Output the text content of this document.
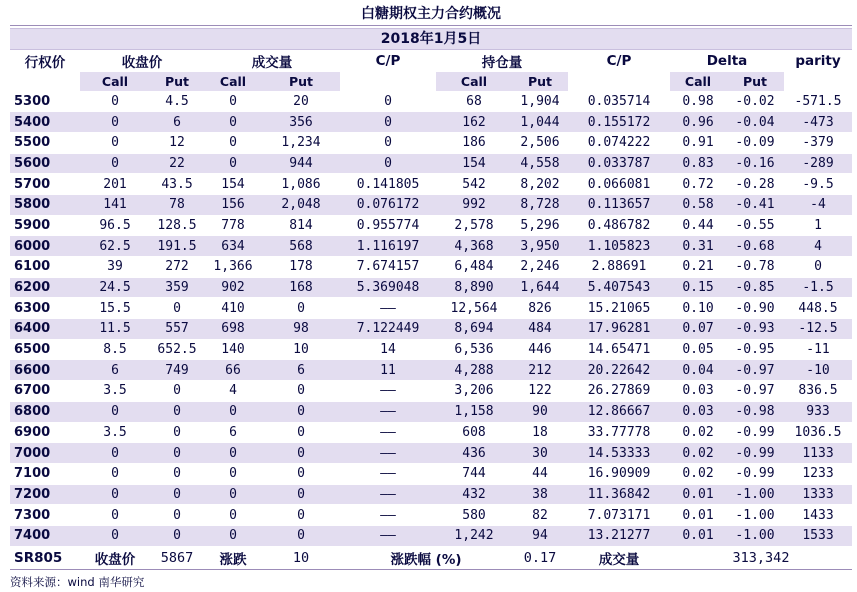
白糖期权主力合约概况
2018年1月5日
行权价	收盘价		成交量		C/P	持仓量		C/P	Delta		parity
	Call	Put	Call	Put		Call	Put		Call	Put	
5300	0	4.5	0	20	0	68	1,904	0.035714	0.98	-0.02	-571.5
5400	0	6	0	356	0	162	1,044	0.155172	0.96	-0.04	-473
5500	0	12	0	1,234	0	186	2,506	0.074222	0.91	-0.09	-379
5600	0	22	0	944	0	154	4,558	0.033787	0.83	-0.16	-289
5700	201	43.5	154	1,086	0.141805	542	8,202	0.066081	0.72	-0.28	-9.5
5800	141	78	156	2,048	0.076172	992	8,728	0.113657	0.58	-0.41	-4
5900	96.5	128.5	778	814	0.955774	2,578	5,296	0.486782	0.44	-0.55	1
6000	62.5	191.5	634	568	1.116197	4,368	3,950	1.105823	0.31	-0.68	4
6100	39	272	1,366	178	7.674157	6,484	2,246	2.88691	0.21	-0.78	0
6200	24.5	359	902	168	5.369048	8,890	1,644	5.407543	0.15	-0.85	-1.5
6300	15.5	0	410	0	——	12,564	826	15.21065	0.10	-0.90	448.5
6400	11.5	557	698	98	7.122449	8,694	484	17.96281	0.07	-0.93	-12.5
6500	8.5	652.5	140	10	14	6,536	446	14.65471	0.05	-0.95	-11
6600	6	749	66	6	11	4,288	212	20.22642	0.04	-0.97	-10
6700	3.5	0	4	0	——	3,206	122	26.27869	0.03	-0.97	836.5
6800	0	0	0	0	——	1,158	90	12.86667	0.03	-0.98	933
6900	3.5	0	6	0	——	608	18	33.77778	0.02	-0.99	1036.5
7000	0	0	0	0	——	436	30	14.53333	0.02	-0.99	1133
7100	0	0	0	0	——	744	44	16.90909	0.02	-0.99	1233
7200	0	0	0	0	——	432	38	11.36842	0.01	-1.00	1333
7300	0	0	0	0	——	580	82	7.073171	0.01	-1.00	1433
7400	0	0	0	0	——	1,242	94	13.21277	0.01	-1.00	1533
SR805	收盘价	5867	涨跌	10	涨跌幅 (%)		0.17	成交量	313,342		
资料来源：wind 南华研究
